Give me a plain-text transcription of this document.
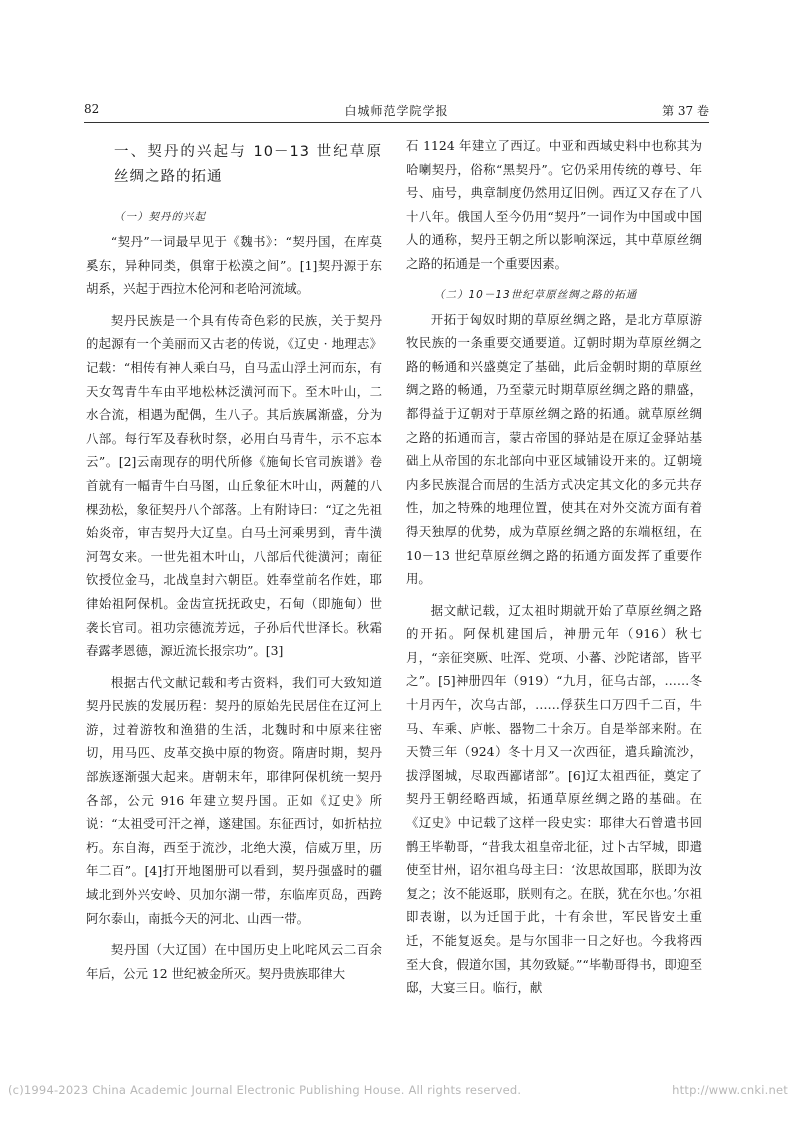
82	白城师范学院学报	第 37 卷
一、契丹的兴起与 10－13 世纪草原丝绸之路的拓通
（一）契丹的兴起

“契丹”一词最早见于《魏书》：“契丹国，在库莫奚东，异种同类，俱窜于松漠之间”。[1]契丹源于东胡系，兴起于西拉木伦河和老哈河流域。

契丹民族是一个具有传奇色彩的民族，关于契丹的起源有一个美丽而又古老的传说，《辽史 · 地理志》记载：“相传有神人乘白马，自马盂山浮土河而东，有天女驾青牛车由平地松林泛潢河而下。至木叶山，二水合流，相遇为配偶，生八子。其后族属渐盛，分为八部。每行军及春秋时祭，必用白马青牛，示不忘本云”。[2]云南现存的明代所修《施甸长官司族谱》卷首就有一幅青牛白马图，山丘象征木叶山，两麓的八棵劲松，象征契丹八个部落。上有附诗曰：“辽之先祖始炎帝，审吉契丹大辽皇。白马土河乘男到，青牛潢河驾女来。一世先祖木叶山，八部后代徙潢河；南征钦授位金马，北战皇封六朝臣。姓奉堂前名作姓，耶律始祖阿保机。金齿宣抚抚政史，石甸（即施甸）世袭长官司。祖功宗德流芳远，子孙后代世泽长。秋霜春露孝恩德，源近流长报宗功”。[3]

根据古代文献记载和考古资料，我们可大致知道契丹民族的发展历程：契丹的原始先民居住在辽河上游，过着游牧和渔猎的生活，北魏时和中原来往密切，用马匹、皮革交换中原的物资。隋唐时期，契丹部族逐渐强大起来。唐朝末年，耶律阿保机统一契丹各部，公元 916 年建立契丹国。正如《辽史》所说：“太祖受可汗之禅，遂建国。东征西讨，如折枯拉朽。东自海，西至于流沙，北绝大漠，信威万里，历年二百”。[4]打开地图册可以看到，契丹强盛时的疆域北到外兴安岭、贝加尔湖一带，东临库页岛，西跨阿尔泰山，南抵今天的河北、山西一带。

契丹国（大辽国）在中国历史上叱咤风云二百余年后，公元 12 世纪被金所灭。契丹贵族耶律大

石 1124 年建立了西辽。中亚和西域史料中也称其为哈喇契丹，俗称“黑契丹”。它仍采用传统的尊号、年号、庙号，典章制度仍然用辽旧例。西辽又存在了八十八年。俄国人至今仍用“契丹”一词作为中国或中国人的通称，契丹王朝之所以影响深远，其中草原丝绸之路的拓通是一个重要因素。

（二）10－13世纪草原丝绸之路的拓通

开拓于匈奴时期的草原丝绸之路，是北方草原游牧民族的一条重要交通要道。辽朝时期为草原丝绸之路的畅通和兴盛奠定了基础，此后金朝时期的草原丝绸之路的畅通，乃至蒙元时期草原丝绸之路的鼎盛，都得益于辽朝对于草原丝绸之路的拓通。就草原丝绸之路的拓通而言，蒙古帝国的驿站是在原辽金驿站基础上从帝国的东北部向中亚区域铺设开来的。辽朝境内多民族混合而居的生活方式决定其文化的多元共存性，加之特殊的地理位置，使其在对外交流方面有着得天独厚的优势，成为草原丝绸之路的东端枢纽，在 10－13 世纪草原丝绸之路的拓通方面发挥了重要作用。

据文献记载，辽太祖时期就开始了草原丝绸之路的开拓。阿保机建国后，神册元年（916）秋七月，“亲征突厥、吐浑、党项、小蕃、沙陀诸部，皆平之”。[5]神册四年（919）“九月，征乌古部，……冬十月丙午，次乌古部，……俘获生口万四千二百，牛马、车乘、庐帐、器物二十余万。自是举部来附。在天赞三年（924）冬十月又一次西征，遣兵踰流沙，拔浮图城，尽取西鄙诸部”。[6]辽太祖西征，奠定了契丹王朝经略西域，拓通草原丝绸之路的基础。在《辽史》中记载了这样一段史实：耶律大石曾遣书回鹘王毕勒哥，“昔我太祖皇帝北征，过卜古罕城，即遣使至甘州，诏尔祖乌母主曰：‘汝思故国耶，朕即为汝复之；汝不能返耶，朕则有之。在朕，犹在尔也。’尔祖即表谢，以为迁国于此，十有余世，军民皆安土重迁，不能复返矣。是与尔国非一日之好也。今我将西至大食，假道尔国，其勿致疑。”“毕勒哥得书，即迎至邸，大宴三日。临行，献

(c)1994-2023 China Academic Journal Electronic Publishing House. All rights reserved.	http://www.cnki.net
